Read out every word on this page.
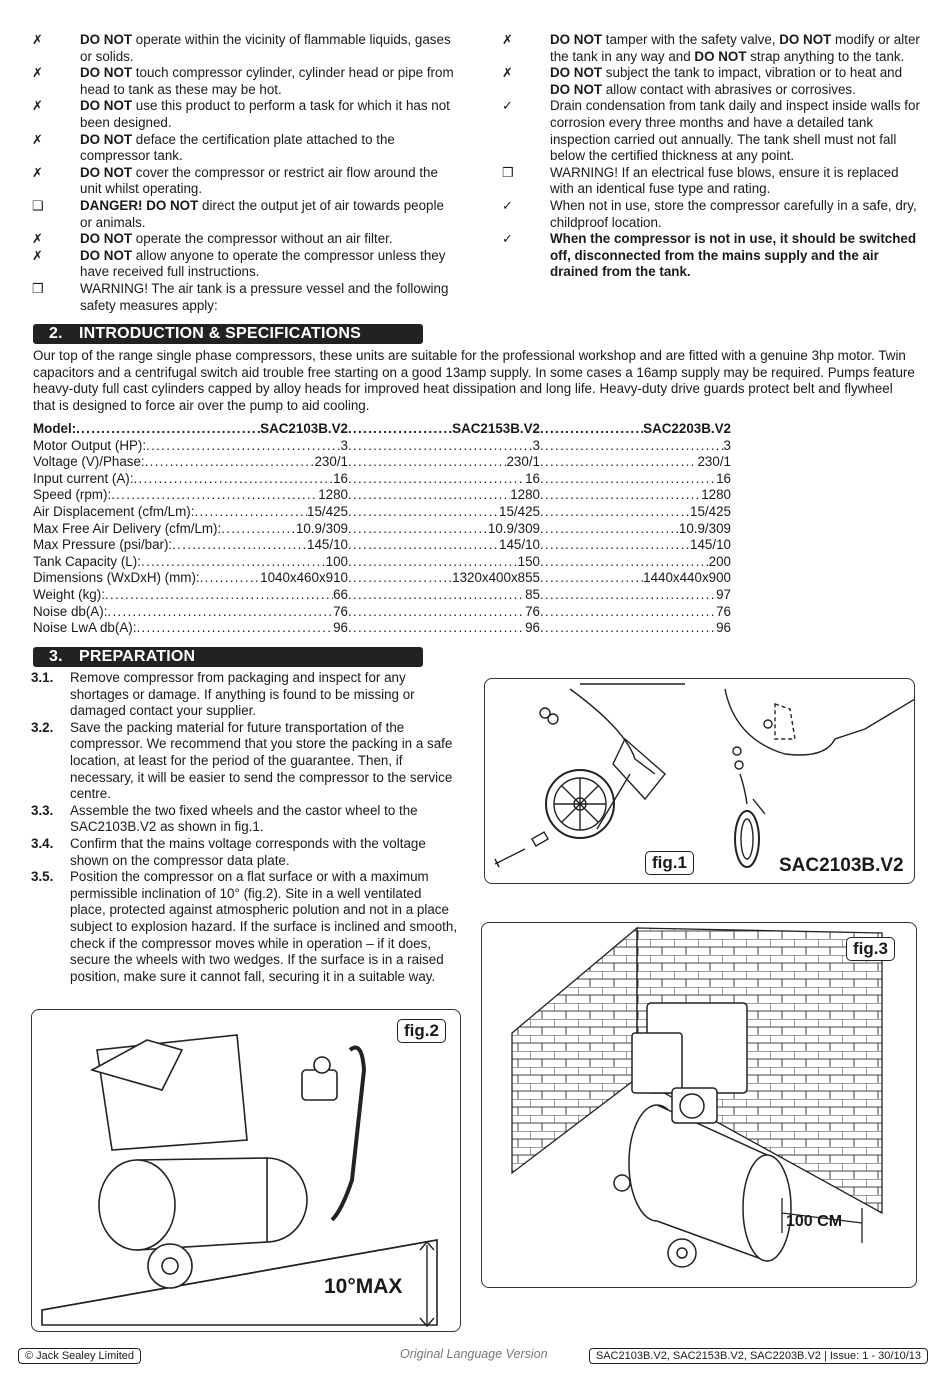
✗	DO NOT operate within the vicinity of flammable liquids, gases or solids.
✗	DO NOT touch compressor cylinder, cylinder head or pipe from head to tank as these may be hot.
✗	DO NOT use this product to perform a task for which it has not been designed.
✗	DO NOT deface the certification plate attached to the compressor tank.
✗	DO NOT cover the compressor or restrict air flow around the unit whilst operating.
❑	DANGER! DO NOT direct the output jet of air towards people or animals.
✗	DO NOT operate the compressor without an air filter.
✗	DO NOT allow anyone to operate the compressor unless they have received full instructions.
❒	WARNING! The air tank is a pressure vessel and the following safety measures apply:
✗	DO NOT tamper with the safety valve, DO NOT modify or alter the tank in any way and DO NOT strap anything to the tank.
✗	DO NOT subject the tank to impact, vibration or to heat and DO NOT allow contact with abrasives or corrosives.
✓	Drain condensation from tank daily and inspect inside walls for corrosion every three months and have a detailed tank inspection carried out annually. The tank shell must not fall below the certified thickness at any point.
❒	WARNING! If an electrical fuse blows, ensure it is replaced with an identical fuse type and rating.
✓	When not in use, store the compressor carefully in a safe, dry, childproof location.
✓	When the compressor is not in use, it should be switched off, disconnected from the mains supply and the air drained from the tank.
2. INTRODUCTION & SPECIFICATIONS
Our top of the range single phase compressors, these units are suitable for the professional workshop and are fitted with a genuine 3hp motor. Twin capacitors and a centrifugal switch aid trouble free starting on a good 13amp supply. In some cases a 16amp supply may be required. Pumps feature heavy-duty full cast cylinders capped by alloy heads for improved heat dissipation and long life. Heavy-duty drive guards protect belt and flywheel that is designed to force air over the pump to aid cooling.
Model: .....	SAC2103B.V2 .....	SAC2153B.V2 .....	SAC2203B.V2
Motor Output (HP): .....	3 .....	3 .....	3
Voltage (V)/Phase: .....	230/1 .....	230/1 .....	230/1
Input current (A): .....	16 .....	16 .....	16
Speed (rpm): .....	1280 .....	1280 .....	1280
Air Displacement (cfm/Lm): .....	15/425 .....	15/425 .....	15/425
Max Free Air Delivery (cfm/Lm): .....	10.9/309 .....	10.9/309 .....	10.9/309
Max Pressure (psi/bar): .....	145/10 .....	145/10 .....	145/10
Tank Capacity (L): .....	100 .....	150 .....	200
Dimensions (WxDxH) (mm): .....	1040x460x910 .....	1320x400x855 .....	1440x440x900
Weight (kg): .....	66 .....	85 .....	97
Noise db(A): .....	76 .....	76 .....	76
Noise LwA db(A): .....	96 .....	96 .....	96
3. PREPARATION
3.1.	Remove compressor from packaging and inspect for any shortages or damage. If anything is found to be missing or damaged contact your supplier.
3.2.	Save the packing material for future transportation of the compressor. We recommend that you store the packing in a safe location, at least for the period of the guarantee. Then, if necessary, it will be easier to send the compressor to the service centre.
3.3.	Assemble the two fixed wheels and the castor wheel to the SAC2103B.V2 as shown in fig.1.
3.4.	Confirm that the mains voltage corresponds with the voltage shown on the compressor data plate.
3.5.	Position the compressor on a flat surface or with a maximum permissible inclination of 10° (fig.2). Site in a well ventilated place, protected against atmospheric polution and not in a place subject to explosion hazard. If the surface is inclined and smooth, check if the compressor moves while in operation – if it does, secure the wheels with two wedges. If the surface is in a raised position, make sure it cannot fall, securing it in a suitable way.
fig.1	SAC2103B.V2
fig.3
100 CM
fig.2
10°MAX
© Jack Sealey Limited	Original Language Version	SAC2103B.V2, SAC2153B.V2, SAC2203B.V2 | Issue: 1 - 30/10/13
